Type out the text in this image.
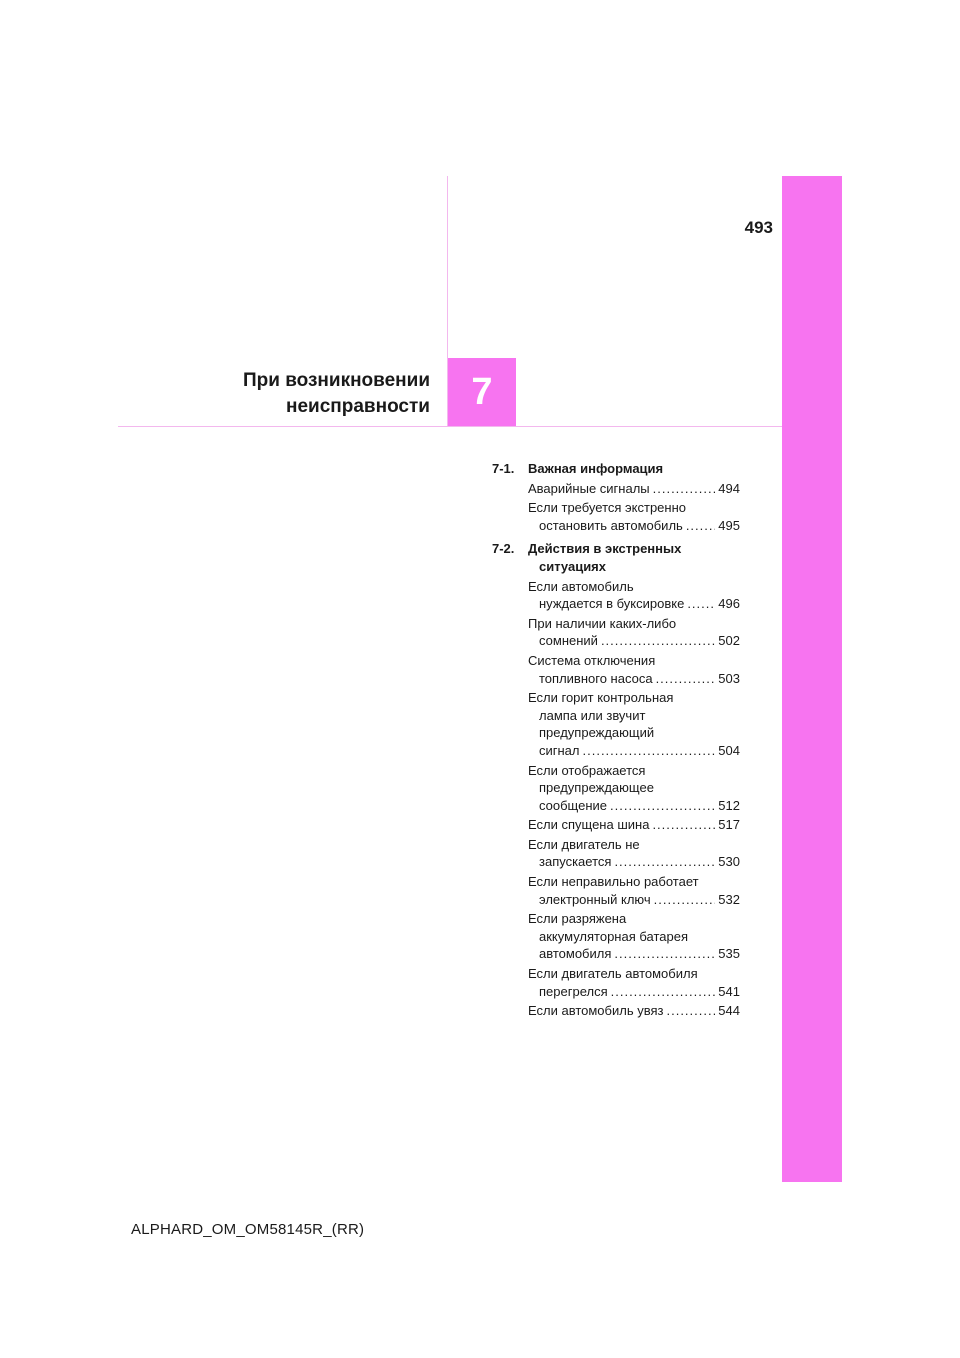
7
493
При возникновении
неисправности
7-1.	Важная информация
Аварийные сигналы .....	494
Если требуется экстренно
остановить автомобиль .....	495
7-2.	Действия в экстренных
ситуациях
Если автомобиль
нуждается в буксировке .....	496
При наличии каких-либо
сомнений .....	502
Система отключения
топливного насоса .....	503
Если горит контрольная
лампа или звучит
предупреждающий
сигнал .....	504
Если отображается
предупреждающее
сообщение .....	512
Если спущена шина .....	517
Если двигатель не
запускается .....	530
Если неправильно работает
электронный ключ .....	532
Если разряжена
аккумуляторная батарея
автомобиля .....	535
Если двигатель автомобиля
перегрелся .....	541
Если автомобиль увяз .....	544
ALPHARD_OM_OM58145R_(RR)
